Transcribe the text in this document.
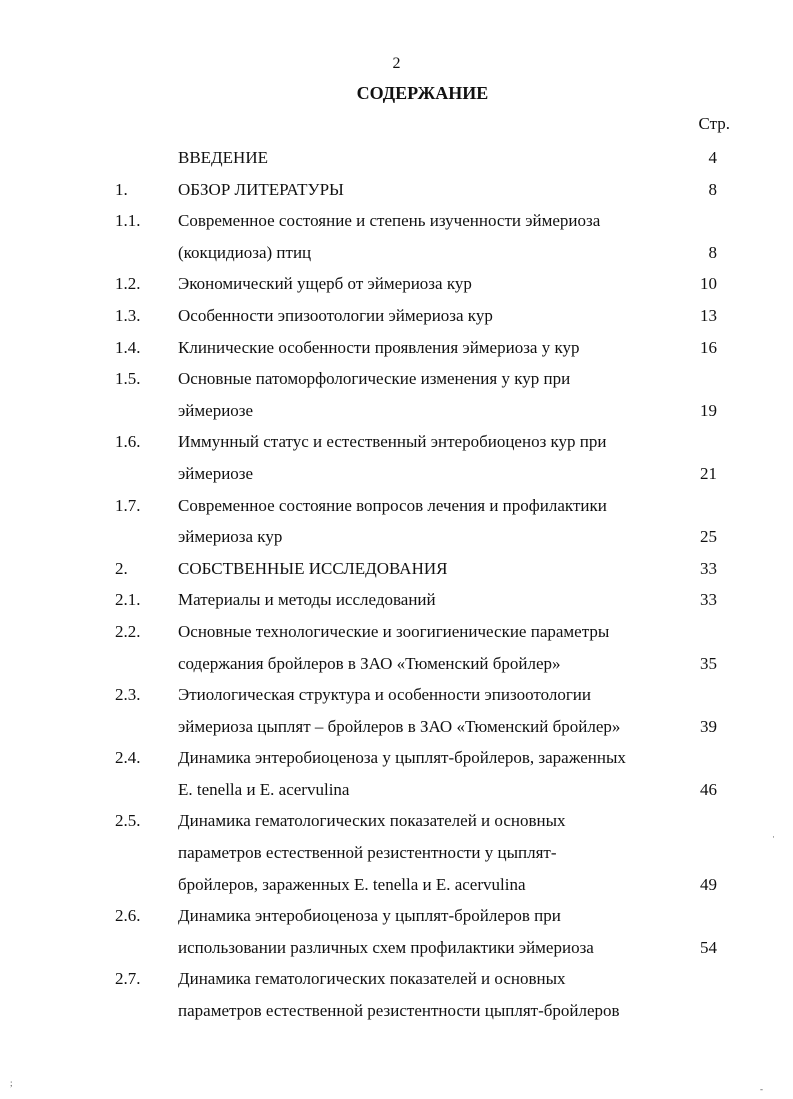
2
СОДЕРЖАНИЕ
Стр.
ВВЕДЕНИЕ	4
1.	ОБЗОР ЛИТЕРАТУРЫ	8
1.1. Современное состояние и степень изученности эймериоза
(кокцидиоза) птиц	8
1.2. Экономический ущерб от эймериоза кур	10
1.3. Особенности эпизоотологии эймериоза кур	13
1.4. Клинические особенности проявления эймериоза у кур	16
1.5. Основные патоморфологические изменения у кур при
эймериозе	19
1.6. Иммунный статус и естественный энтеробиоценоз кур при
эймериозе	21
1.7. Современное состояние вопросов лечения и профилактики
эймериоза кур	25
2.	СОБСТВЕННЫЕ ИССЛЕДОВАНИЯ	33
2.1. Материалы и методы исследований	33
2.2. Основные технологические и зоогигиенические параметры
содержания бройлеров в ЗАО «Тюменский бройлер»	35
2.3. Этиологическая структура и особенности эпизоотологии
эймериоза цыплят – бройлеров в ЗАО «Тюменский бройлер»	39
2.4. Динамика энтеробиоценоза у цыплят-бройлеров, зараженных
E. tenella и E. acervulina	46
2.5. Динамика гематологических показателей и основных
параметров естественной резистентности у цыплят-
бройлеров, зараженных E. tenella и E. acervulina	49
2.6. Динамика энтеробиоценоза у цыплят-бройлеров при
использовании различных схем профилактики эймериоза	54
2.7. Динамика гематологических показателей и основных
параметров естественной резистентности цыплят-бройлеров
·
;
-
